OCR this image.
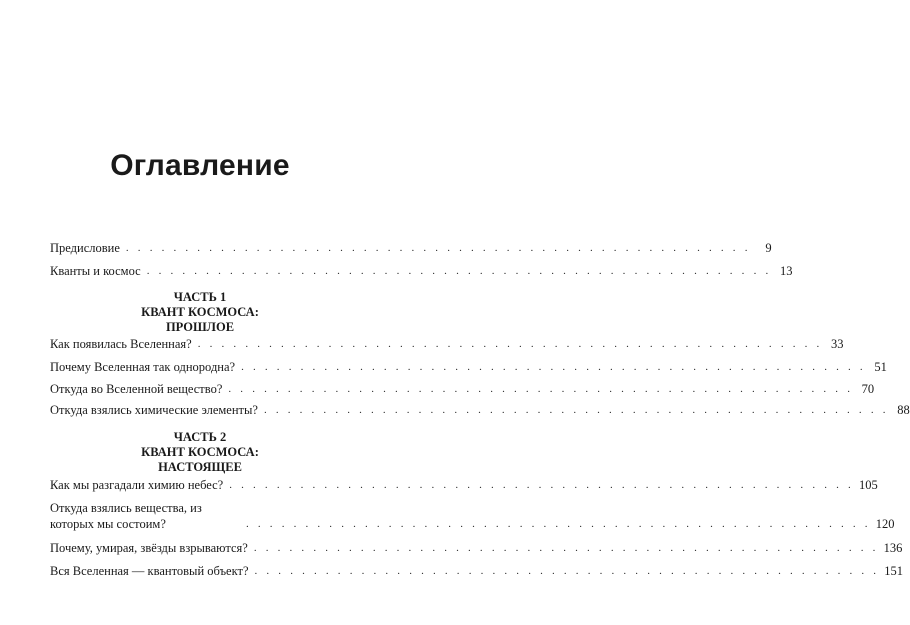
Оглавление
Предисловие . . . . . . . . . . . . . . . . . . . . . . . . . . . . . . . . . . . . . . . . . . . . . . . . . . . . .	9
Кванты и космос . . . . . . . . . . . . . . . . . . . . . . . . . . . . . . . . . . . . . . . . . . . . . . . . . . . . . 13
ЧАСТЬ 1
КВАНТ КОСМОСА:
ПРОШЛОЕ
Как появилась Вселенная? . . . . . . . . . . . . . . . . . . . . . . . . . . . . . . . . . . . . . . . . . . . . . . . . . . . . . 33
Почему Вселенная так однородна? . . . . . . . . . . . . . . . . . . . . . . . . . . . . . . . . . . . . . . . . . . . . . . . . . . . . . 51
Откуда во Вселенной вещество? . . . . . . . . . . . . . . . . . . . . . . . . . . . . . . . . . . . . . . . . . . . . . . . . . . . . . 70
Откуда взялись химические элементы? . . . . . . . . . . . . . . . . . . . . . . . . . . . . . . . . . . . . . . . . . . . . . . . . . . . . . 88
ЧАСТЬ 2
КВАНТ КОСМОСА:
НАСТОЯЩЕЕ
Как мы разгадали химию небес? . . . . . . . . . . . . . . . . . . . . . . . . . . . . . . . . . . . . . . . . . . . . . . . . . . . . . 105
Откуда взялись вещества, из которых мы состоим?	. . . . . . . . . . . . . . . . . . . . . . . . . . . . . . . . . . . . . . . . . . . . . . . . . . . . . 120
Почему, умирая, звёзды взрываются? . . . . . . . . . . . . . . . . . . . . . . . . . . . . . . . . . . . . . . . . . . . . . . . . . . . . . 136
Вся Вселенная — квантовый объект? . . . . . . . . . . . . . . . . . . . . . . . . . . . . . . . . . . . . . . . . . . . . . . . . . . . . . 151
